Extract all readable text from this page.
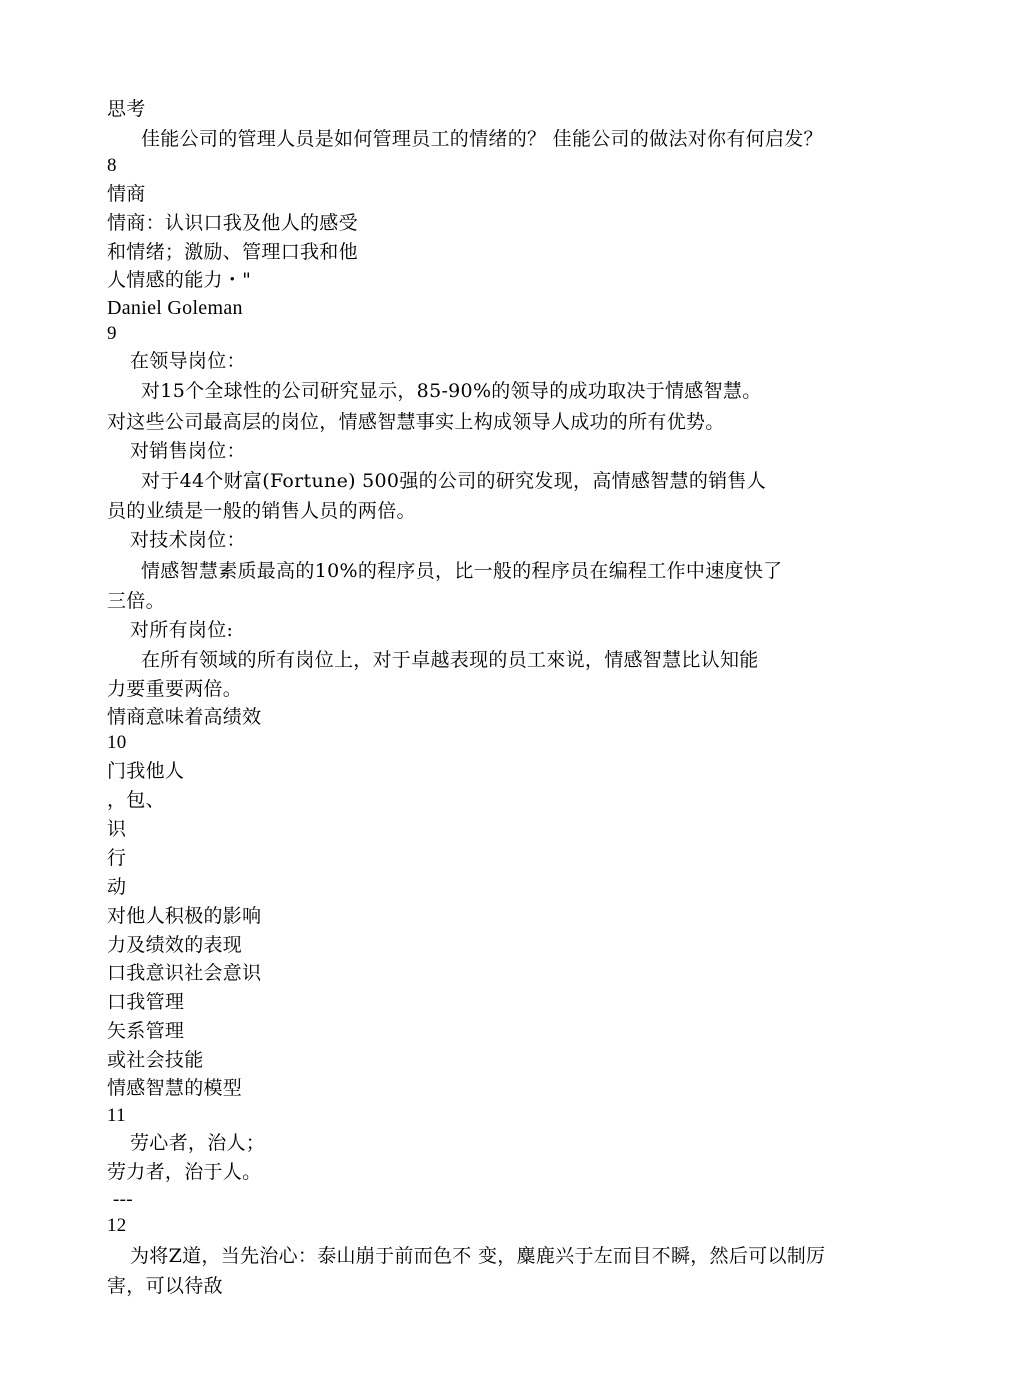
思考
佳能公司的管理人员是如何管理员工的情绪的？ 佳能公司的做法对你有何启发？
8
情商
情商：认识口我及他人的感受
和情绪；激励、管理口我和他
人情感的能力・"
Daniel Goleman
9
在领导岗位：
对15个全球性的公司研究显示，85-90%的领导的成功取决于情感智慧。
对这些公司最高层的岗位，情感智慧事实上构成领导人成功的所有优势。
对销售岗位：
对于44个财富(Fortune) 500强的公司的研究发现，高情感智慧的销售人
员的业绩是一般的销售人员的两倍。
对技术岗位：
情感智慧素质最高的10%的程序员，比一般的程序员在编程工作中速度快了
三倍。
对所有岗位:
在所有领域的所有岗位上，对于卓越表现的员工來说，情感智慧比认知能
力要重要两倍。
情商意味着高绩效
10
门我他人
，包、
识
行
动
对他人积极的影响
力及绩效的表现
口我意识社会意识
口我管理
矢系管理
或社会技能
情感智慧的模型
11
劳心者，治人；
劳力者，治于人。
---
12
为将Z道，当先治心：泰山崩于前而色不 变，麋鹿兴于左而目不瞬，然后可以制厉
害，可以待敌
